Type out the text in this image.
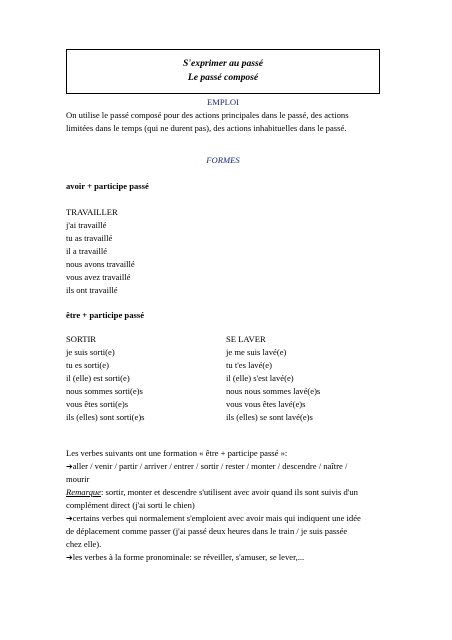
S'exprimer au passé
Le passé composé
EMPLOI
On utilise le passé composé pour des actions principales dans le passé, des actions
limitées dans le temps (qui ne durent pas), des actions inhabituelles dans le passé.
FORMES
avoir + participe passé
TRAVAILLER
j'ai travaillé
tu as travaillé
il a travaillé
nous avons travaillé
vous avez travaillé
ils ont travaillé
être + participe passé
SORTIR
je suis sorti(e)
tu es sorti(e)
il (elle) est sorti(e)
nous sommes sorti(e)s
vous êtes sorti(e)s
ils (elles) sont sorti(e)s
SE LAVER
je me suis lavé(e)
tu t'es lavé(e)
il (elle) s'est lavé(e)
nous nous sommes lavé(e)s
vous vous êtes lavé(e)s
ils (elles) se sont lavé(e)s
Les verbes suivants ont une formation « être + participe passé »:
➔aller / venir / partir / arriver / entrer / sortir / rester / monter / descendre / naître /
mourir
Remarque: sortir, monter et descendre s'utilisent avec avoir quand ils sont suivis d'un
complément direct (j'ai sorti le chien)
➔certains verbes qui normalement s'emploient avec avoir mais qui indiquent une idée
de déplacement comme passer (j'ai passé deux heures dans le train / je suis passée
chez elle).
➔les verbes à la forme pronominale: se réveiller, s'amuser, se lever,...
